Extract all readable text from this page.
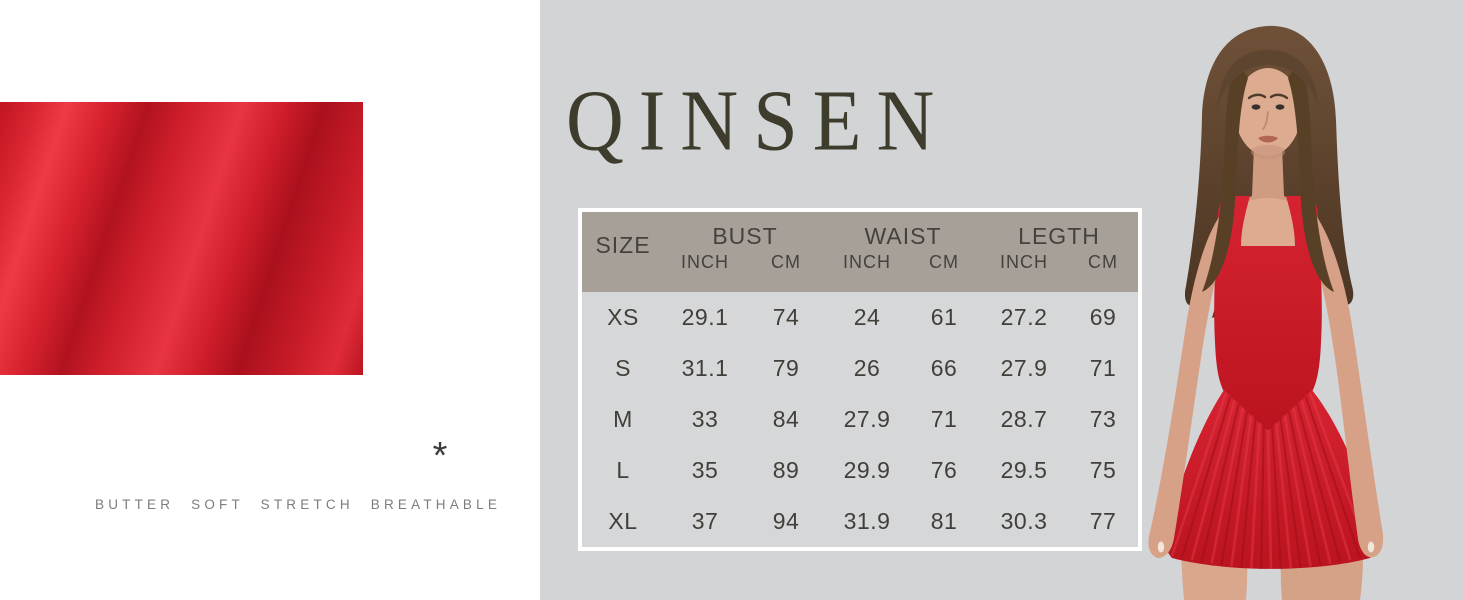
*
BUTTER SOFT STRETCH BREATHABLE
QINSEN
SIZE	BUST		WAIST		LEGTH	
	INCH	CM	INCH	CM	INCH	CM
XS	29.1	74	24	61	27.2	69
S	31.1	79	26	66	27.9	71
M	33	84	27.9	71	28.7	73
L	35	89	29.9	76	29.5	75
XL	37	94	31.9	81	30.3	77
